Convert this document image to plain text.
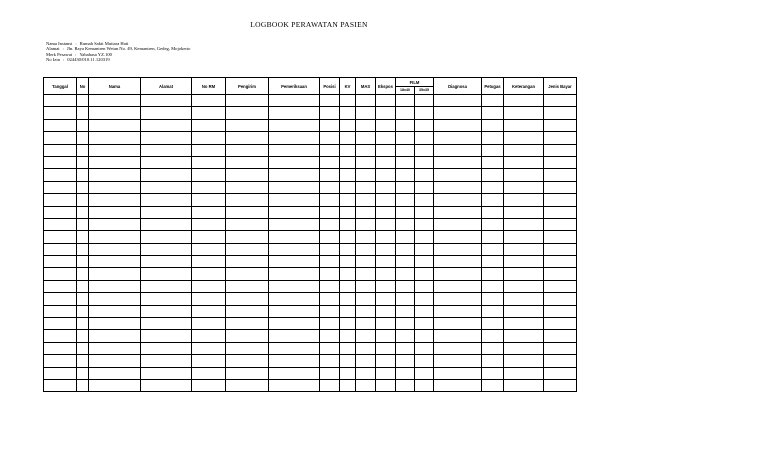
LOGBOOK PERAWATAN PASIEN
Nama Instansi : Rumah Sakit Mutiara Hati
Alamat : Jln. Raya Kemantren Wetan No. 49, Kemantren, Gedeg, Mojokerto
Merk Pesawat : Yabahasa YZ.100
No Izin : 024430/010.11.120319
Tanggal	No	Nama	Alamat	No RM	Pengirim	Pemeriksaan	Posisi	KV	MAS	Ekspos	FILM		Diagnosa	Petugas	Keterangan	Jenis Bayar
											18x40	35x35				
